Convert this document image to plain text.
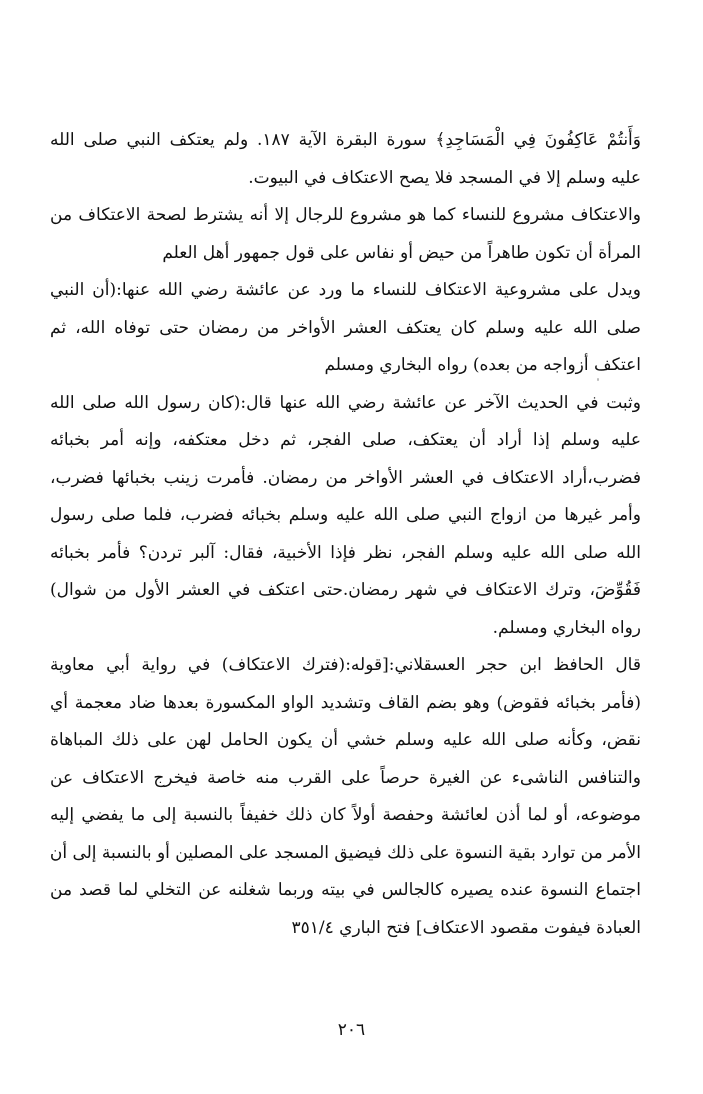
وَأَنتُمْ عَاكِفُونَ فِي الْمَسَاجِدِ﴾ سورة البقرة الآية ١٨٧. ولم يعتكف النبي صلى الله
عليه وسلم إلا في المسجد فلا يصح الاعتكاف في البيوت.
والاعتكاف مشروع للنساء كما هو مشروع للرجال إلا أنه يشترط لصحة الاعتكاف من
المرأة أن تكون طاهراً من حيض أو نفاس على قول جمهور أهل العلم
ويدل على مشروعية الاعتكاف للنساء ما ورد عن عائشة رضي الله عنها:(أن النبي
صلى الله عليه وسلم كان يعتكف العشر الأواخر من رمضان حتى توفاه الله، ثم
اعتكف أزواجه من بعده) رواه البخاري ومسلم
وثبت في الحديث الآخر عن عائشة رضي الله عنها قال:(كان رسول الله صلى الله
عليه وسلم إذا أراد أن يعتكف، صلى الفجر، ثم دخل معتكفه، وإنه أمر بخبائه
فضرب،أراد الاعتكاف في العشر الأواخر من رمضان. فأمرت زينب بخبائها فضرب،
وأمر غيرها من ازواج النبي صلى الله عليه وسلم بخبائه فضرب، فلما صلى رسول
الله صلى الله عليه وسلم الفجر، نظر فإذا الأخبية، فقال: آلبر تردن؟ فأمر بخبائه
فَقُوِّضَ، وترك الاعتكاف في شهر رمضان.حتى اعتكف في العشر الأول من شوال)
رواه البخاري ومسلم.
قال الحافظ ابن حجر العسقلاني:[قوله:(فترك الاعتكاف) في رواية أبي معاوية
(فأمر بخبائه فقوض) وهو بضم القاف وتشديد الواو المكسورة بعدها ضاد معجمة أي
نقض، وكأنه صلى الله عليه وسلم خشي أن يكون الحامل لهن على ذلك المباهاة
والتنافس الناشىء عن الغيرة حرصاً على القرب منه خاصة فيخرج الاعتكاف عن
موضوعه، أو لما أذن لعائشة وحفصة أولاً كان ذلك خفيفاً بالنسبة إلى ما يفضي إليه
الأمر من توارد بقية النسوة على ذلك فيضيق المسجد على المصلين أو بالنسبة إلى أن
اجتماع النسوة عنده يصيره كالجالس في بيته وربما شغلنه عن التخلي لما قصد من
العبادة فيفوت مقصود الاعتكاف] فتح الباري ٣٥١/٤
٢٠٦
